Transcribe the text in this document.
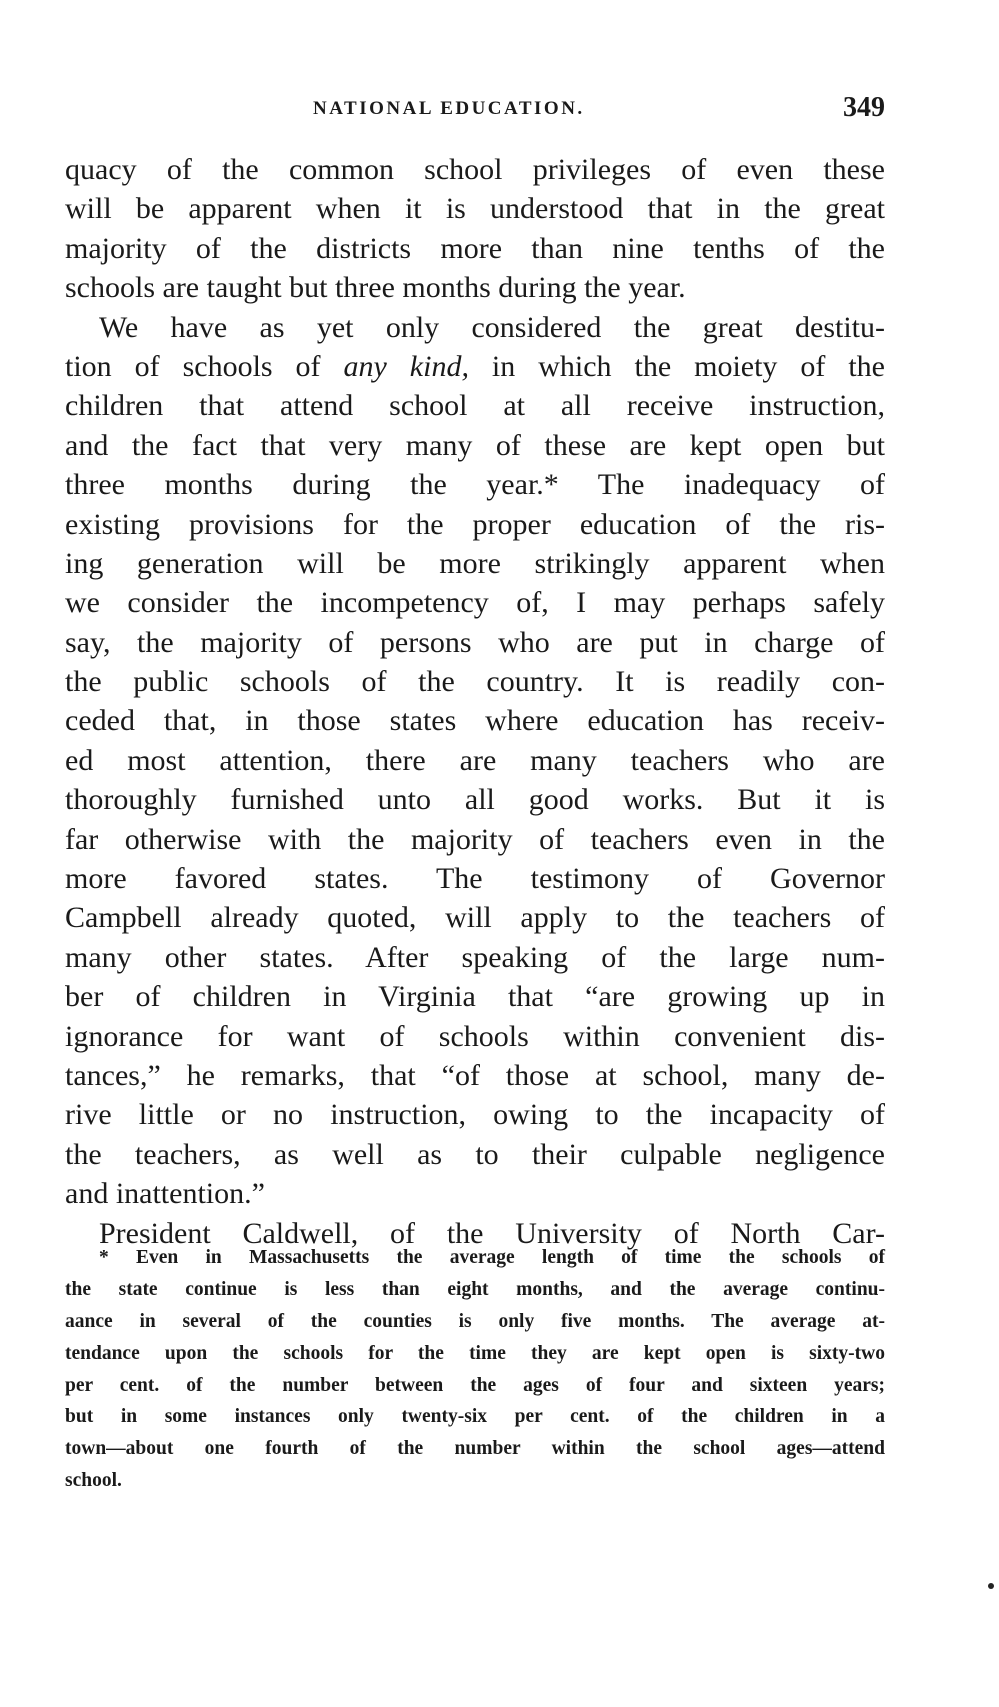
NATIONAL EDUCATION.	349
quacy of the common school privileges of even these
will be apparent when it is understood that in the great
majority of the districts more than nine tenths of the
schools are taught but three months during the year.
We have as yet only considered the great destitu-
tion of schools of any kind, in which the moiety of the
children that attend school at all receive instruction,
and the fact that very many of these are kept open but
three months during the year.* The inadequacy of
existing provisions for the proper education of the ris-
ing generation will be more strikingly apparent when
we consider the incompetency of, I may perhaps safely
say, the majority of persons who are put in charge of
the public schools of the country. It is readily con-
ceded that, in those states where education has receiv-
ed most attention, there are many teachers who are
thoroughly furnished unto all good works. But it is
far otherwise with the majority of teachers even in the
more favored states. The testimony of Governor
Campbell already quoted, will apply to the teachers of
many other states. After speaking of the large num-
ber of children in Virginia that “are growing up in
ignorance for want of schools within convenient dis-
tances,” he remarks, that “of those at school, many de-
rive little or no instruction, owing to the incapacity of
the teachers, as well as to their culpable negligence
and inattention.”
President Caldwell, of the University of North Car-
* Even in Massachusetts the average length of time the schools of
the state continue is less than eight months, and the average continu-
aance in several of the counties is only five months. The average at-
tendance upon the schools for the time they are kept open is sixty-two
per cent. of the number between the ages of four and sixteen years;
but in some instances only twenty-six per cent. of the children in a
town—about one fourth of the number within the school ages—attend
school.
